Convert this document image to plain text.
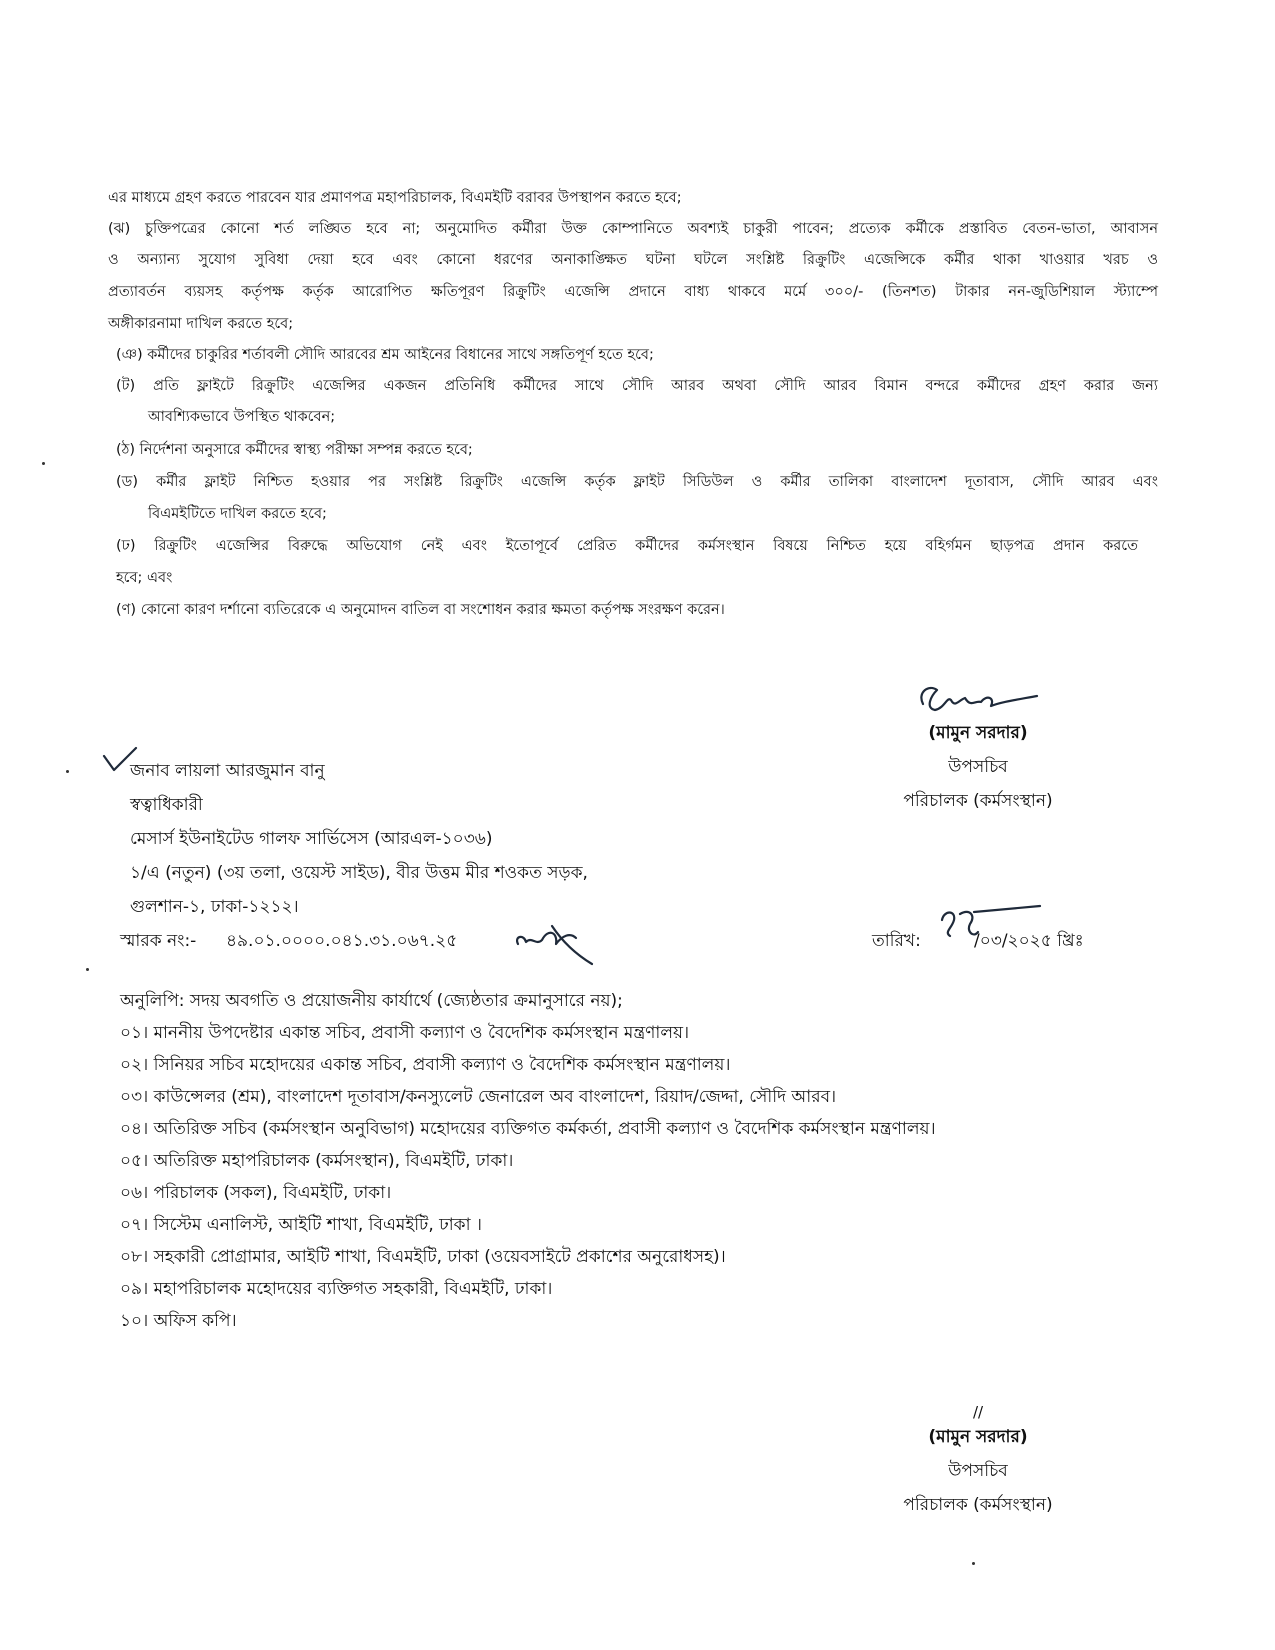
এর মাধ্যমে গ্রহণ করতে পারবেন যার প্রমাণপত্র মহাপরিচালক, বিএমইটি বরাবর উপস্থাপন করতে হবে;
(ঝ) চুক্তিপত্রের কোনো শর্ত লঙ্ঘিত হবে না; অনুমোদিত কর্মীরা উক্ত কোম্পানিতে অবশ্যই চাকুরী পাবেন; প্রত্যেক কর্মীকে প্রস্তাবিত বেতন-ভাতা, আবাসন
ও অন্যান্য সুযোগ সুবিধা দেয়া হবে এবং কোনো ধরণের অনাকাঙ্ক্ষিত ঘটনা ঘটলে সংশ্লিষ্ট রিক্রুটিং এজেন্সিকে কর্মীর থাকা খাওয়ার খরচ ও
প্রত্যাবর্তন ব্যয়সহ কর্তৃপক্ষ কর্তৃক আরোপিত ক্ষতিপূরণ রিক্রুটিং এজেন্সি প্রদানে বাধ্য থাকবে মর্মে ৩০০/- (তিনশত) টাকার নন-জুডিশিয়াল স্ট্যাম্পে
অঙ্গীকারনামা দাখিল করতে হবে;
(ঞ) কর্মীদের চাকুরির শর্তাবলী সৌদি আরবের শ্রম আইনের বিধানের সাথে সঙ্গতিপূর্ণ হতে হবে;
(ট) প্রতি ফ্লাইটে রিক্রুটিং এজেন্সির একজন প্রতিনিধি কর্মীদের সাথে সৌদি আরব অথবা সৌদি আরব বিমান বন্দরে কর্মীদের গ্রহণ করার জন্য
আবশ্যিকভাবে উপস্থিত থাকবেন;
(ঠ) নির্দেশনা অনুসারে কর্মীদের স্বাস্থ্য পরীক্ষা সম্পন্ন করতে হবে;
(ড) কর্মীর ফ্লাইট নিশ্চিত হওয়ার পর সংশ্লিষ্ট রিক্রুটিং এজেন্সি কর্তৃক ফ্লাইট সিডিউল ও কর্মীর তালিকা বাংলাদেশ দূতাবাস, সৌদি আরব এবং
বিএমইটিতে দাখিল করতে হবে;
(ঢ) রিক্রুটিং এজেন্সির বিরুদ্ধে অভিযোগ নেই এবং ইতোপূর্বে প্রেরিত কর্মীদের কর্মসংস্থান বিষয়ে নিশ্চিত হয়ে বহির্গমন ছাড়পত্র প্রদান করতে
হবে; এবং
(ণ) কোনো কারণ দর্শানো ব্যতিরেকে এ অনুমোদন বাতিল বা সংশোধন করার ক্ষমতা কর্তৃপক্ষ সংরক্ষণ করেন।
(মামুন সরদার)
উপসচিব
পরিচালক (কর্মসংস্থান)
জনাব লায়লা আরজুমান বানু
স্বত্বাধিকারী
মেসার্স ইউনাইটেড গালফ সার্ভিসেস (আরএল-১০৩৬)
১/এ (নতুন) (৩য় তলা, ওয়েস্ট সাইড), বীর উত্তম মীর শওকত সড়ক,
গুলশান-১, ঢাকা-১২১২।
স্মারক নং:- ৪৯.০১.০০০০.০৪১.৩১.০৬৭.২৫	তারিখ:	/০৩/২০২৫ খ্রিঃ
অনুলিপি: সদয় অবগতি ও প্রয়োজনীয় কার্যার্থে (জ্যেষ্ঠতার ক্রমানুসারে নয়);
০১। মাননীয় উপদেষ্টার একান্ত সচিব, প্রবাসী কল্যাণ ও বৈদেশিক কর্মসংস্থান মন্ত্রণালয়।
০২। সিনিয়র সচিব মহোদয়ের একান্ত সচিব, প্রবাসী কল্যাণ ও বৈদেশিক কর্মসংস্থান মন্ত্রণালয়।
০৩। কাউন্সেলর (শ্রম), বাংলাদেশ দূতাবাস/কনস্যুলেট জেনারেল অব বাংলাদেশ, রিয়াদ/জেদ্দা, সৌদি আরব।
০৪। অতিরিক্ত সচিব (কর্মসংস্থান অনুবিভাগ) মহোদয়ের ব্যক্তিগত কর্মকর্তা, প্রবাসী কল্যাণ ও বৈদেশিক কর্মসংস্থান মন্ত্রণালয়।
০৫। অতিরিক্ত মহাপরিচালক (কর্মসংস্থান), বিএমইটি, ঢাকা।
০৬। পরিচালক (সকল), বিএমইটি, ঢাকা।
০৭। সিস্টেম এনালিস্ট, আইটি শাখা, বিএমইটি, ঢাকা ।
০৮। সহকারী প্রোগ্রামার, আইটি শাখা, বিএমইটি, ঢাকা (ওয়েবসাইটে প্রকাশের অনুরোধসহ)।
০৯। মহাপরিচালক মহোদয়ের ব্যক্তিগত সহকারী, বিএমইটি, ঢাকা।
১০। অফিস কপি।
//
(মামুন সরদার)
উপসচিব
পরিচালক (কর্মসংস্থান)
